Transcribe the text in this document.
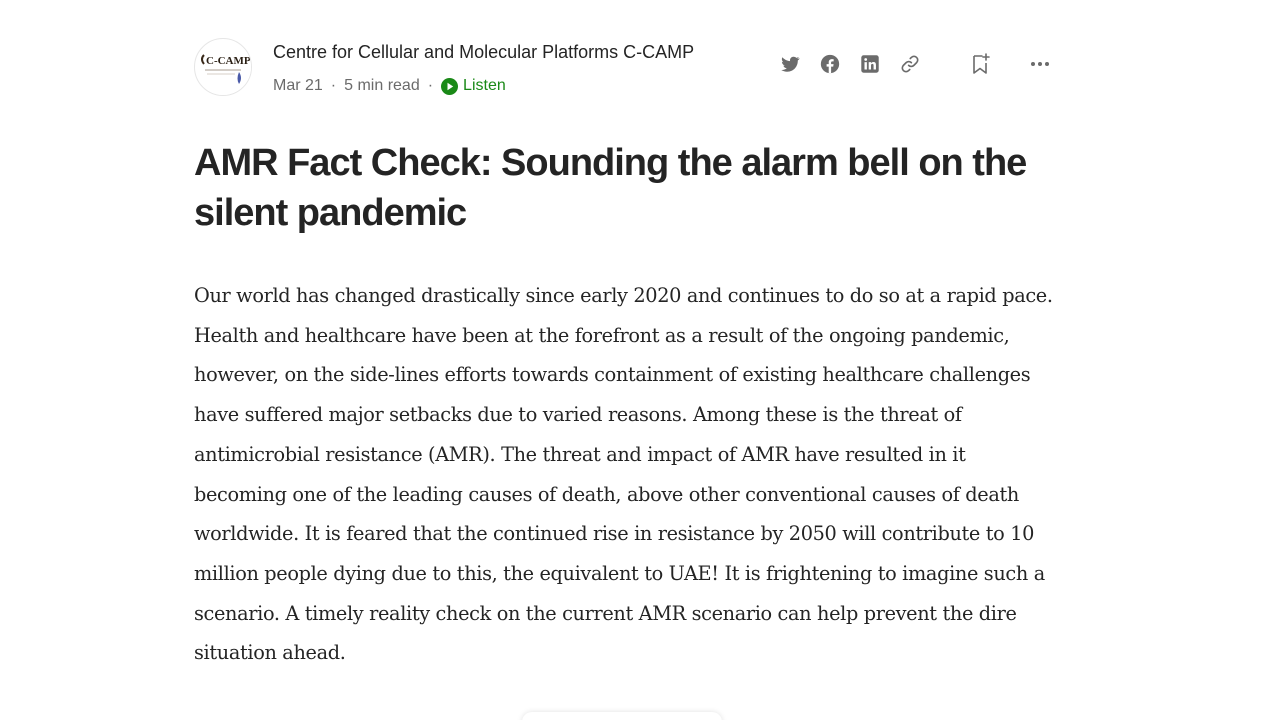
C-CAMP Centre for Cellular and Molecular Platforms C-CAMP
Mar 21 · 5 min read · Listen
AMR Fact Check: Sounding the alarm bell on the silent pandemic

Our world has changed drastically since early 2020 and continues to do so at a rapid pace. Health and healthcare have been at the forefront as a result of the ongoing pandemic, however, on the side-lines efforts towards containment of existing healthcare challenges have suffered major setbacks due to varied reasons. Among these is the threat of antimicrobial resistance (AMR). The threat and impact of AMR have resulted in it becoming one of the leading causes of death, above other conventional causes of death worldwide. It is feared that the continued rise in resistance by 2050 will contribute to 10 million people dying due to this, the equivalent to UAE! It is frightening to imagine such a scenario. A timely reality check on the current AMR scenario can help prevent the dire situation ahead.
